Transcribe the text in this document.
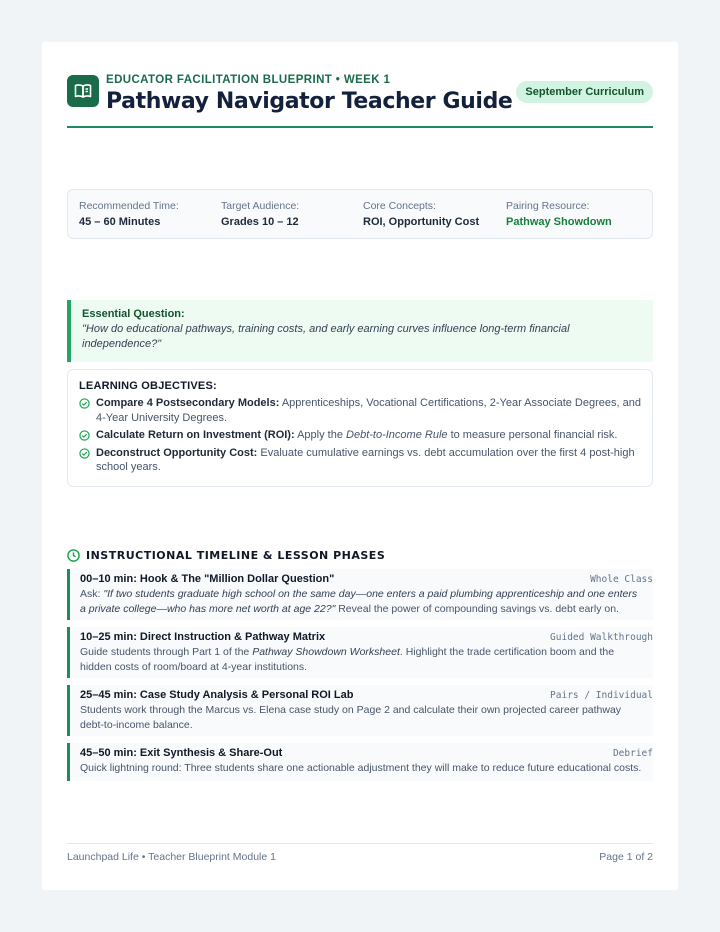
EDUCATOR FACILITATION BLUEPRINT • WEEK 1
Pathway Navigator Teacher Guide	September Curriculum
Recommended Time:
45 – 60 Minutes
Target Audience:
Grades 10 – 12
Core Concepts:
ROI, Opportunity Cost
Pairing Resource:
Pathway Showdown
Essential Question:
"How do educational pathways, training costs, and early earning curves influence long-term financial independence?"
LEARNING OBJECTIVES:
Compare 4 Postsecondary Models: Apprenticeships, Vocational Certifications, 2-Year Associate Degrees, and 4-Year University Degrees.
Calculate Return on Investment (ROI): Apply the Debt-to-Income Rule to measure personal financial risk.
Deconstruct Opportunity Cost: Evaluate cumulative earnings vs. debt accumulation over the first 4 post-high school years.
INSTRUCTIONAL TIMELINE & LESSON PHASES
00–10 min: Hook & The "Million Dollar Question"	Whole Class
Ask: "If two students graduate high school on the same day—one enters a paid plumbing apprenticeship and one enters a private college—who has more net worth at age 22?" Reveal the power of compounding savings vs. debt early on.
10–25 min: Direct Instruction & Pathway Matrix	Guided Walkthrough
Guide students through Part 1 of the Pathway Showdown Worksheet. Highlight the trade certification boom and the hidden costs of room/board at 4-year institutions.
25–45 min: Case Study Analysis & Personal ROI Lab	Pairs / Individual
Students work through the Marcus vs. Elena case study on Page 2 and calculate their own projected career pathway debt-to-income balance.
45–50 min: Exit Synthesis & Share-Out	Debrief
Quick lightning round: Three students share one actionable adjustment they will make to reduce future educational costs.
Launchpad Life • Teacher Blueprint Module 1	Page 1 of 2
